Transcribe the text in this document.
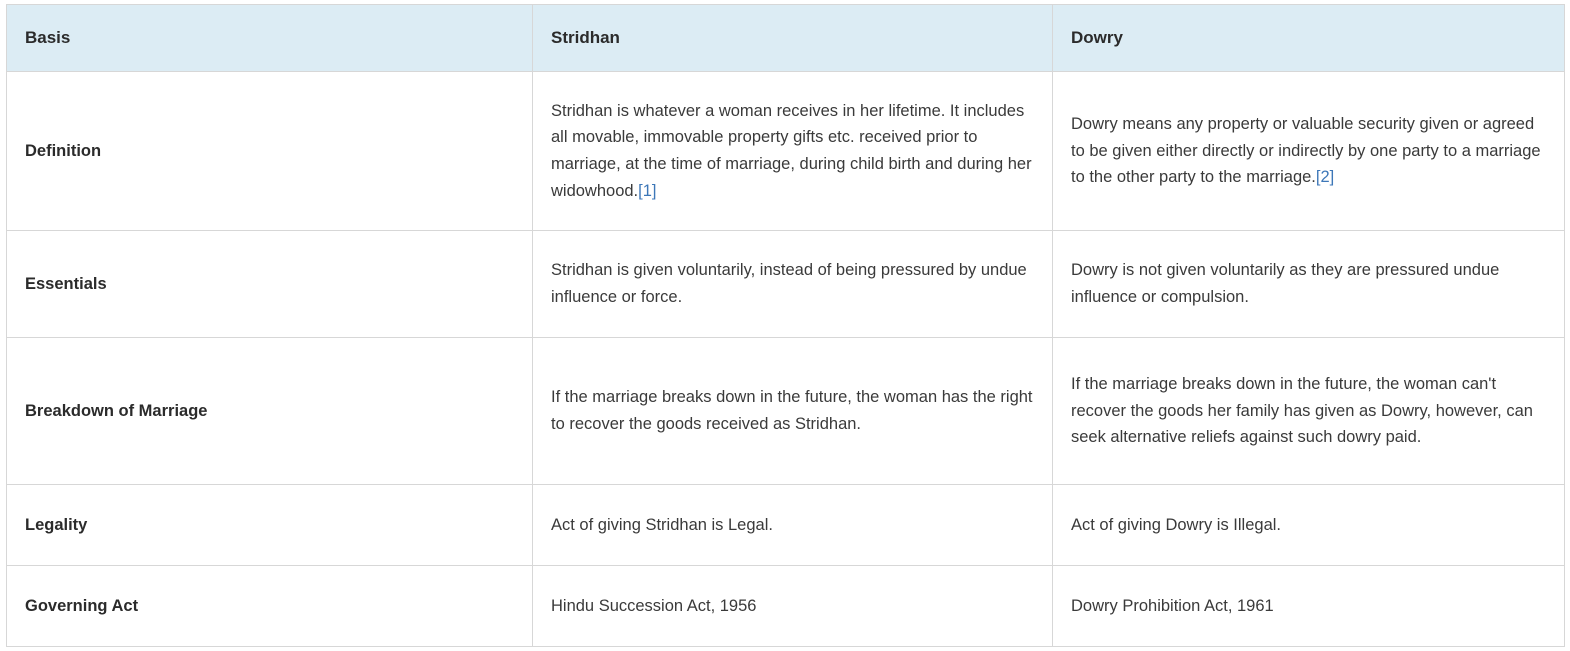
Basis	Stridhan	Dowry
Definition	Stridhan is whatever a woman receives in her lifetime. It includes all movable, immovable property gifts etc. received prior to marriage, at the time of marriage, during child birth and during her widowhood.[1]	Dowry means any property or valuable security given or agreed to be given either directly or indirectly by one party to a marriage to the other party to the marriage.[2]
Essentials	Stridhan is given voluntarily, instead of being pressured by undue influence or force.	Dowry is not given voluntarily as they are pressured undue influence or compulsion.
Breakdown of Marriage	If the marriage breaks down in the future, the woman has the right to recover the goods received as Stridhan.	If the marriage breaks down in the future, the woman can't recover the goods her family has given as Dowry, however, can seek alternative reliefs against such dowry paid.
Legality	Act of giving Stridhan is Legal.	Act of giving Dowry is Illegal.
Governing Act	Hindu Succession Act, 1956	Dowry Prohibition Act, 1961
